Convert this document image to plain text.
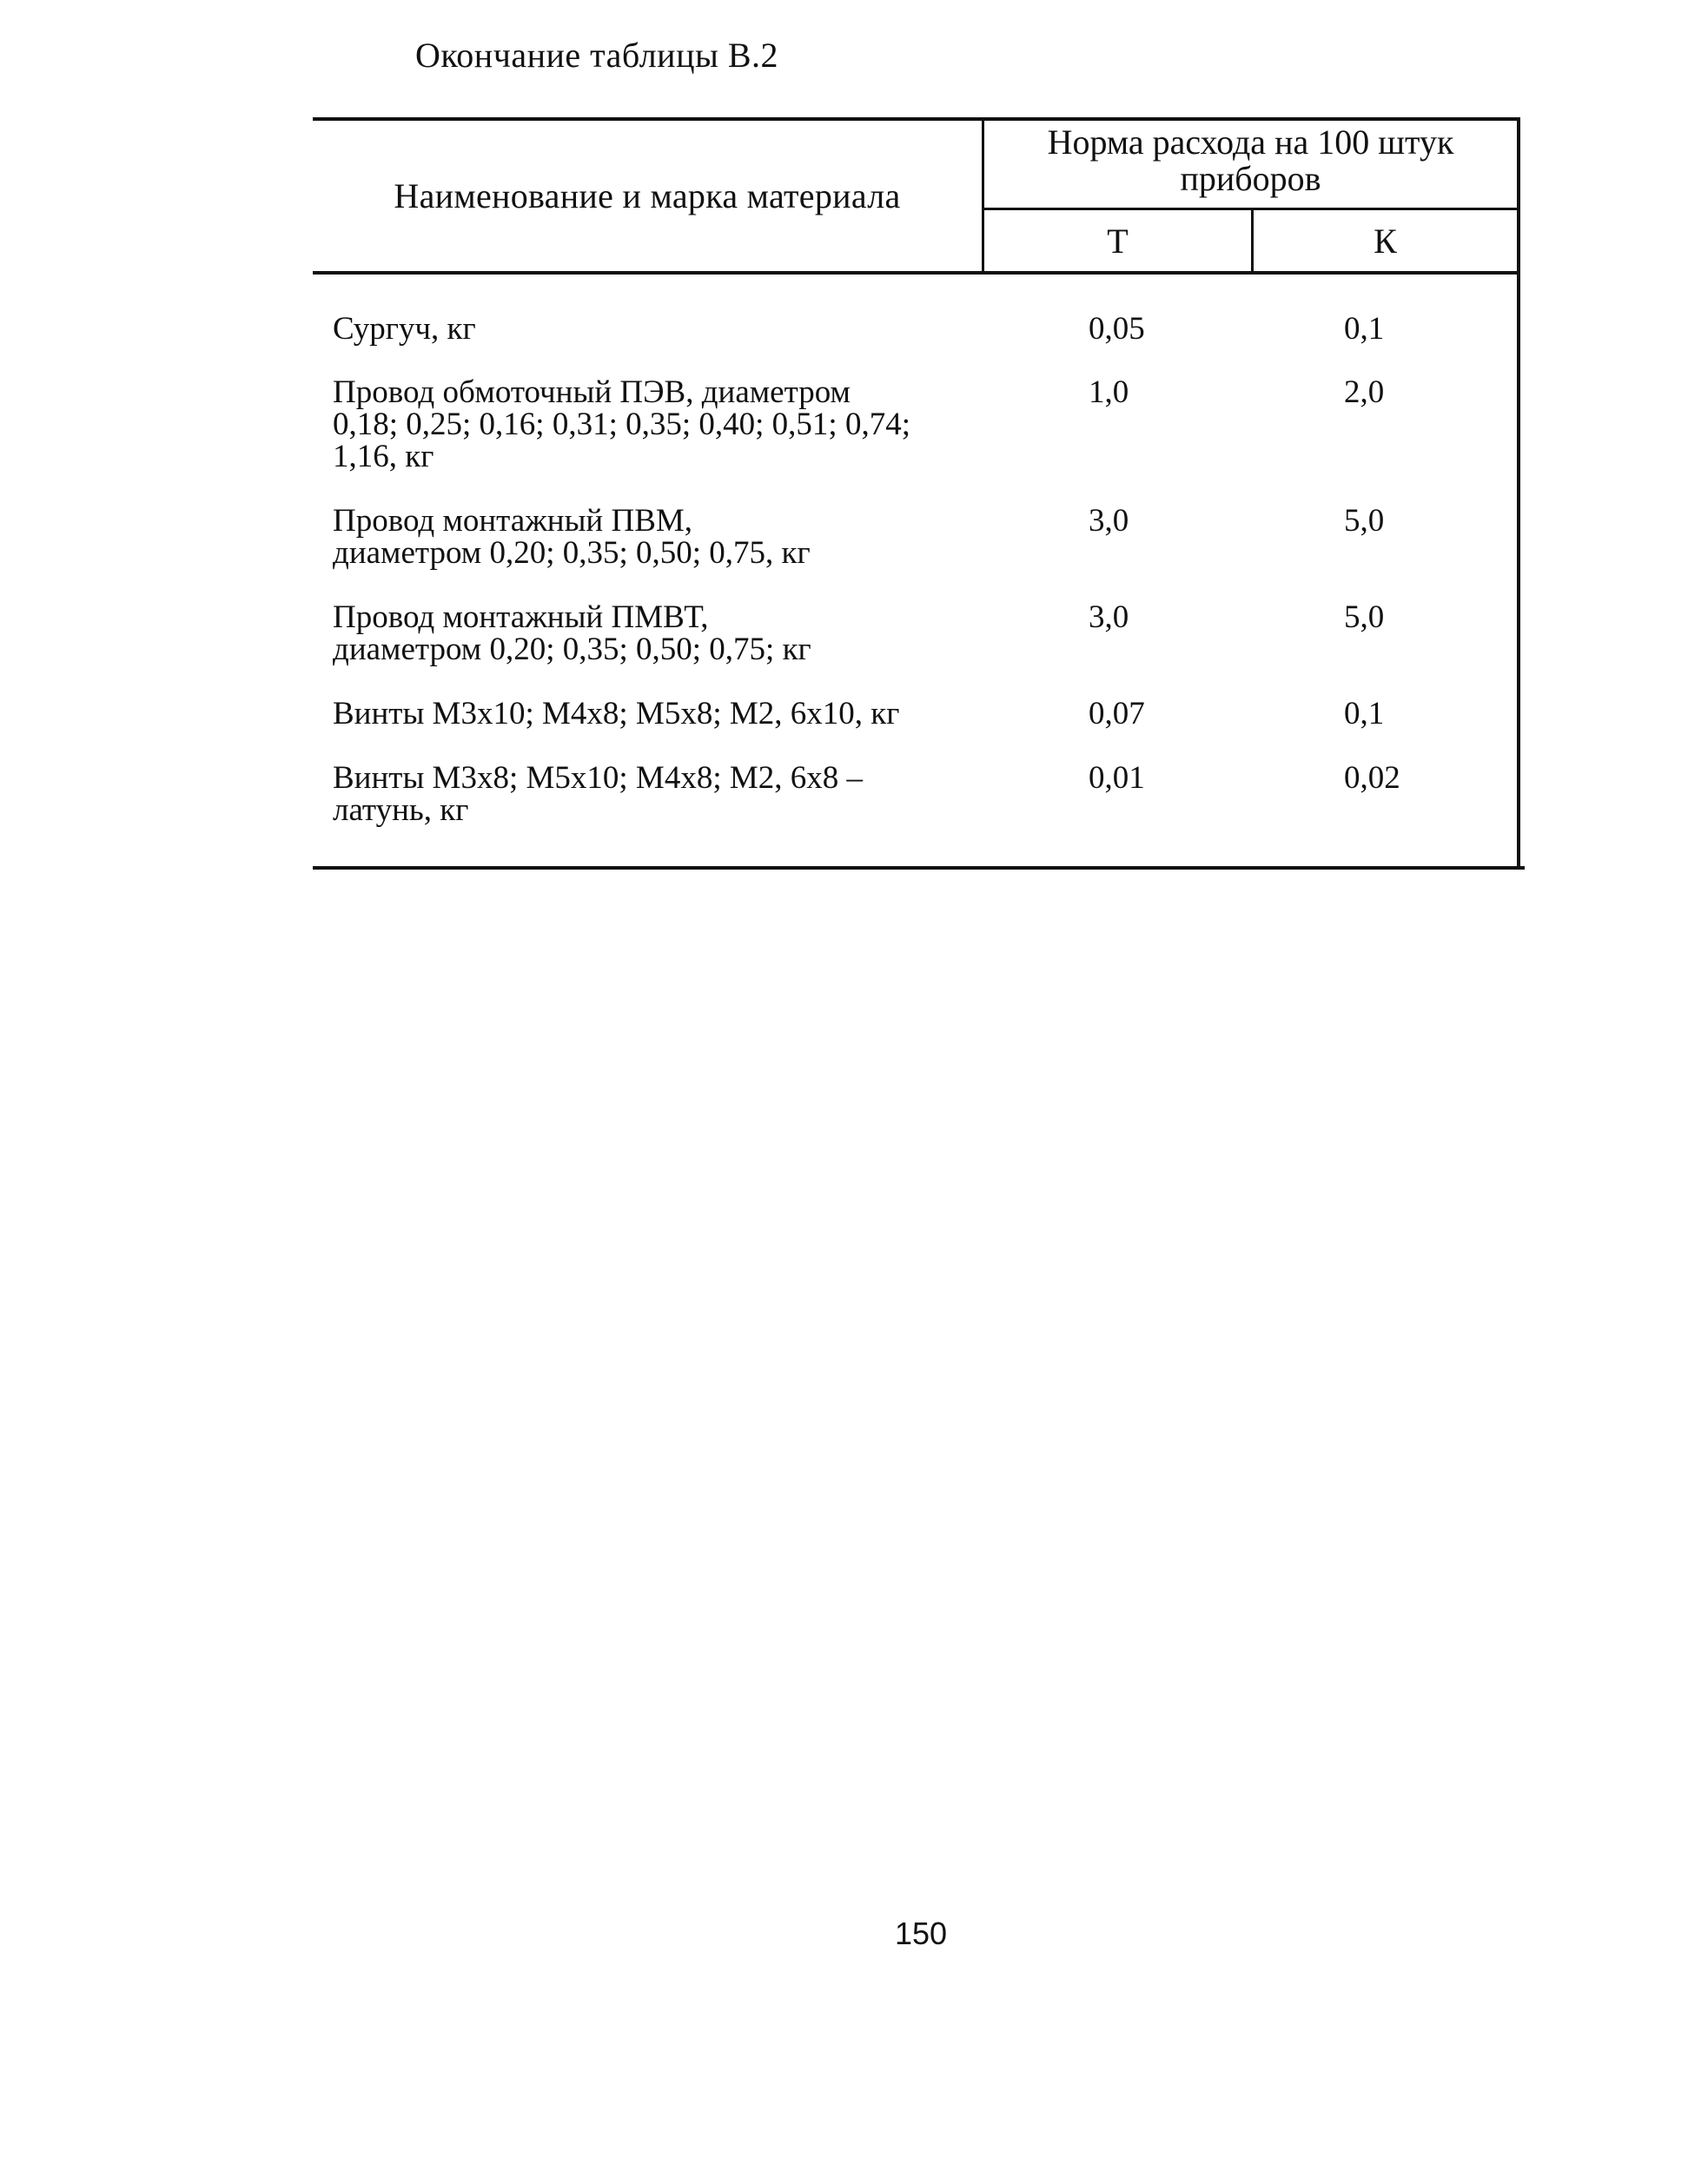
Окончание таблицы В.2
Наименование и марка материала
Норма расхода на 100 штук приборов
Т	К
Сургуч, кг	0,05	0,1
Провод обмоточный ПЭВ, диаметром
0,18; 0,25; 0,16; 0,31; 0,35; 0,40; 0,51; 0,74;
1,16, кг
1,0	2,0
Провод монтажный ПВМ,
диаметром 0,20; 0,35; 0,50; 0,75, кг
3,0	5,0
Провод монтажный ПМВТ,
диаметром 0,20; 0,35; 0,50; 0,75; кг
3,0	5,0
Винты М3х10; М4х8; М5х8; М2, 6х10, кг	0,07	0,1
Винты М3х8; М5х10; М4х8; М2, 6х8 –
латунь, кг
0,01	0,02
150
